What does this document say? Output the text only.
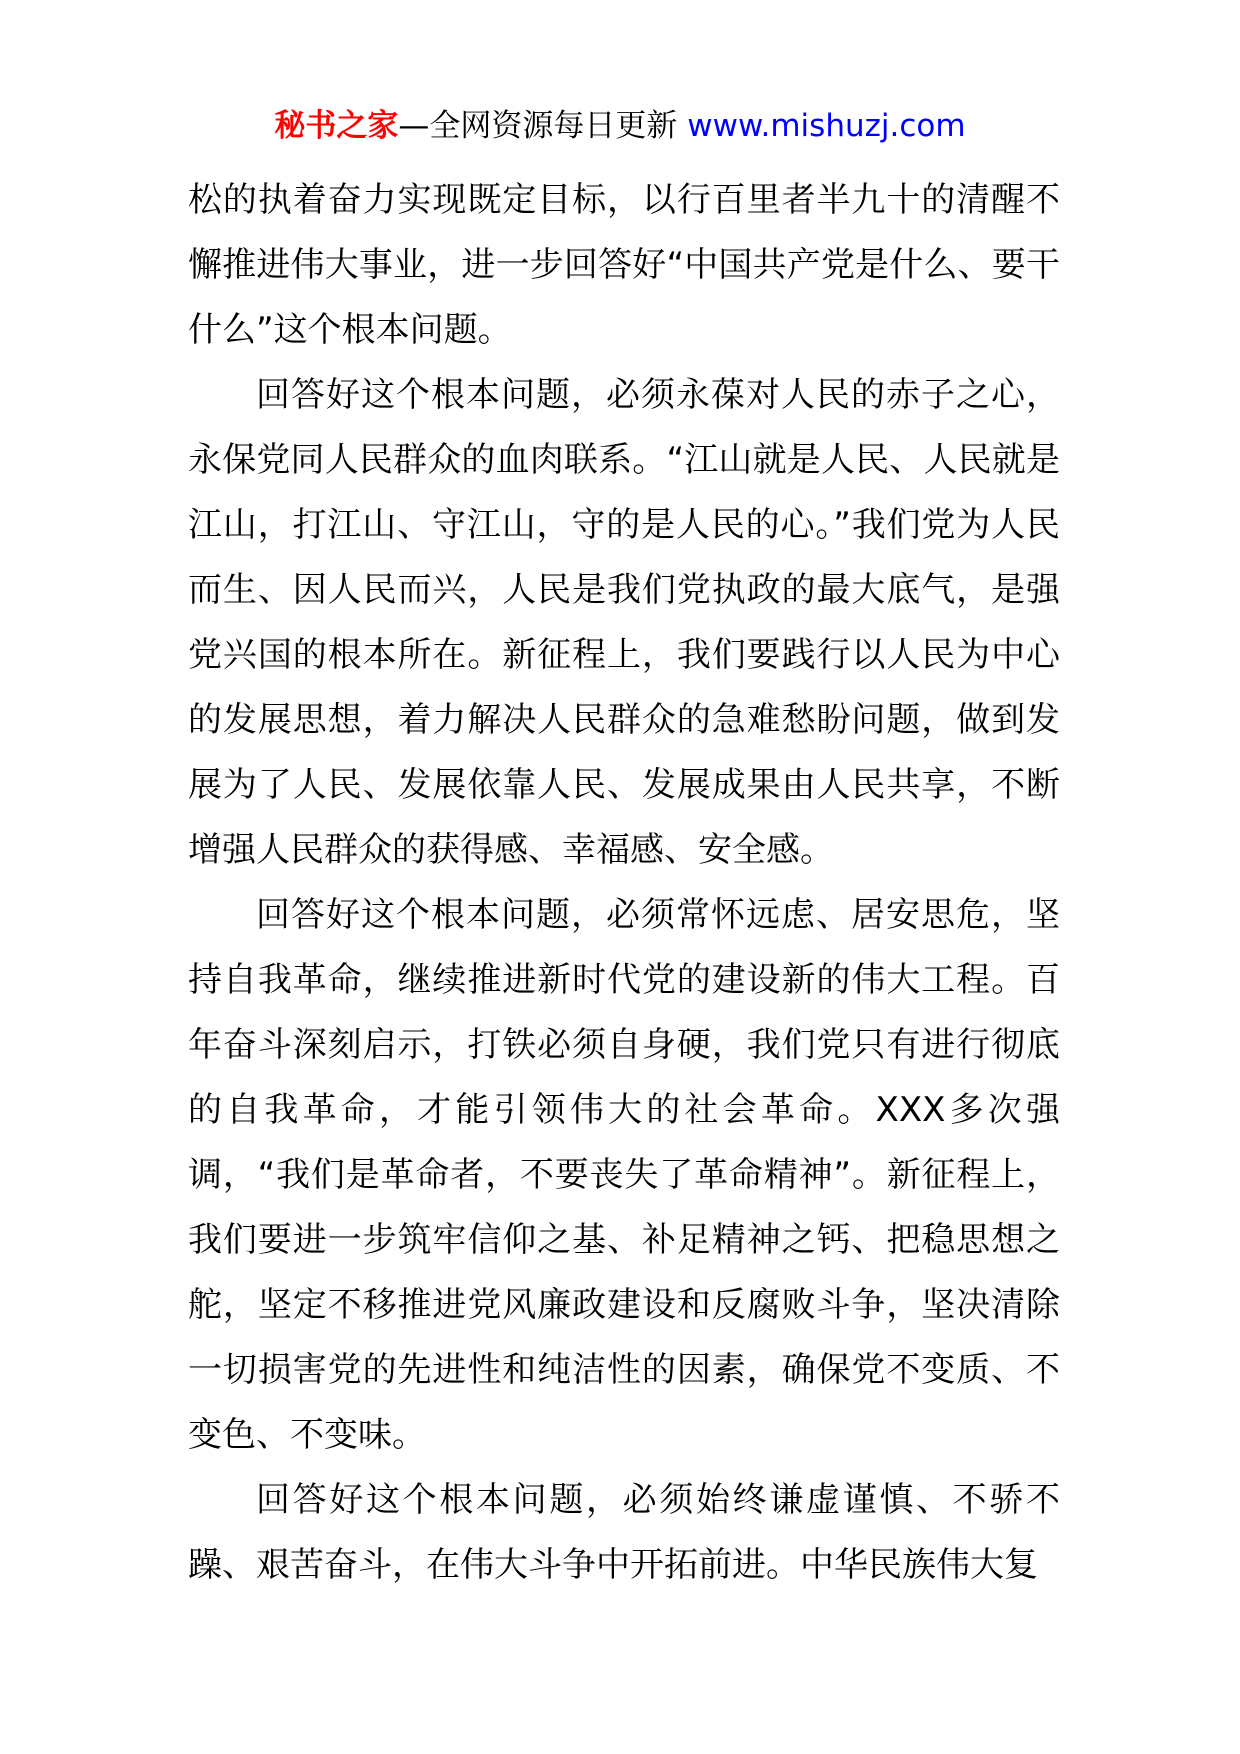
秘书之家—全网资源每日更新 www.mishuzj.com

松的执着奋力实现既定目标，以行百里者半九十的清醒不懈推进伟大事业，进一步回答好“中国共产党是什么、要干什么”这个根本问题。

回答好这个根本问题，必须永葆对人民的赤子之心，永保党同人民群众的血肉联系。“江山就是人民、人民就是江山，打江山、守江山，守的是人民的心。”我们党为人民而生、因人民而兴，人民是我们党执政的最大底气，是强党兴国的根本所在。新征程上，我们要践行以人民为中心的发展思想，着力解决人民群众的急难愁盼问题，做到发展为了人民、发展依靠人民、发展成果由人民共享，不断增强人民群众的获得感、幸福感、安全感。

回答好这个根本问题，必须常怀远虑、居安思危，坚持自我革命，继续推进新时代党的建设新的伟大工程。百年奋斗深刻启示，打铁必须自身硬，我们党只有进行彻底的自我革命，才能引领伟大的社会革命。XXX多次强调，“我们是革命者，不要丧失了革命精神”。新征程上，我们要进一步筑牢信仰之基、补足精神之钙、把稳思想之舵，坚定不移推进党风廉政建设和反腐败斗争，坚决清除一切损害党的先进性和纯洁性的因素，确保党不变质、不变色、不变味。

回答好这个根本问题，必须始终谦虚谨慎、不骄不躁、艰苦奋斗，在伟大斗争中开拓前进。中华民族伟大复
